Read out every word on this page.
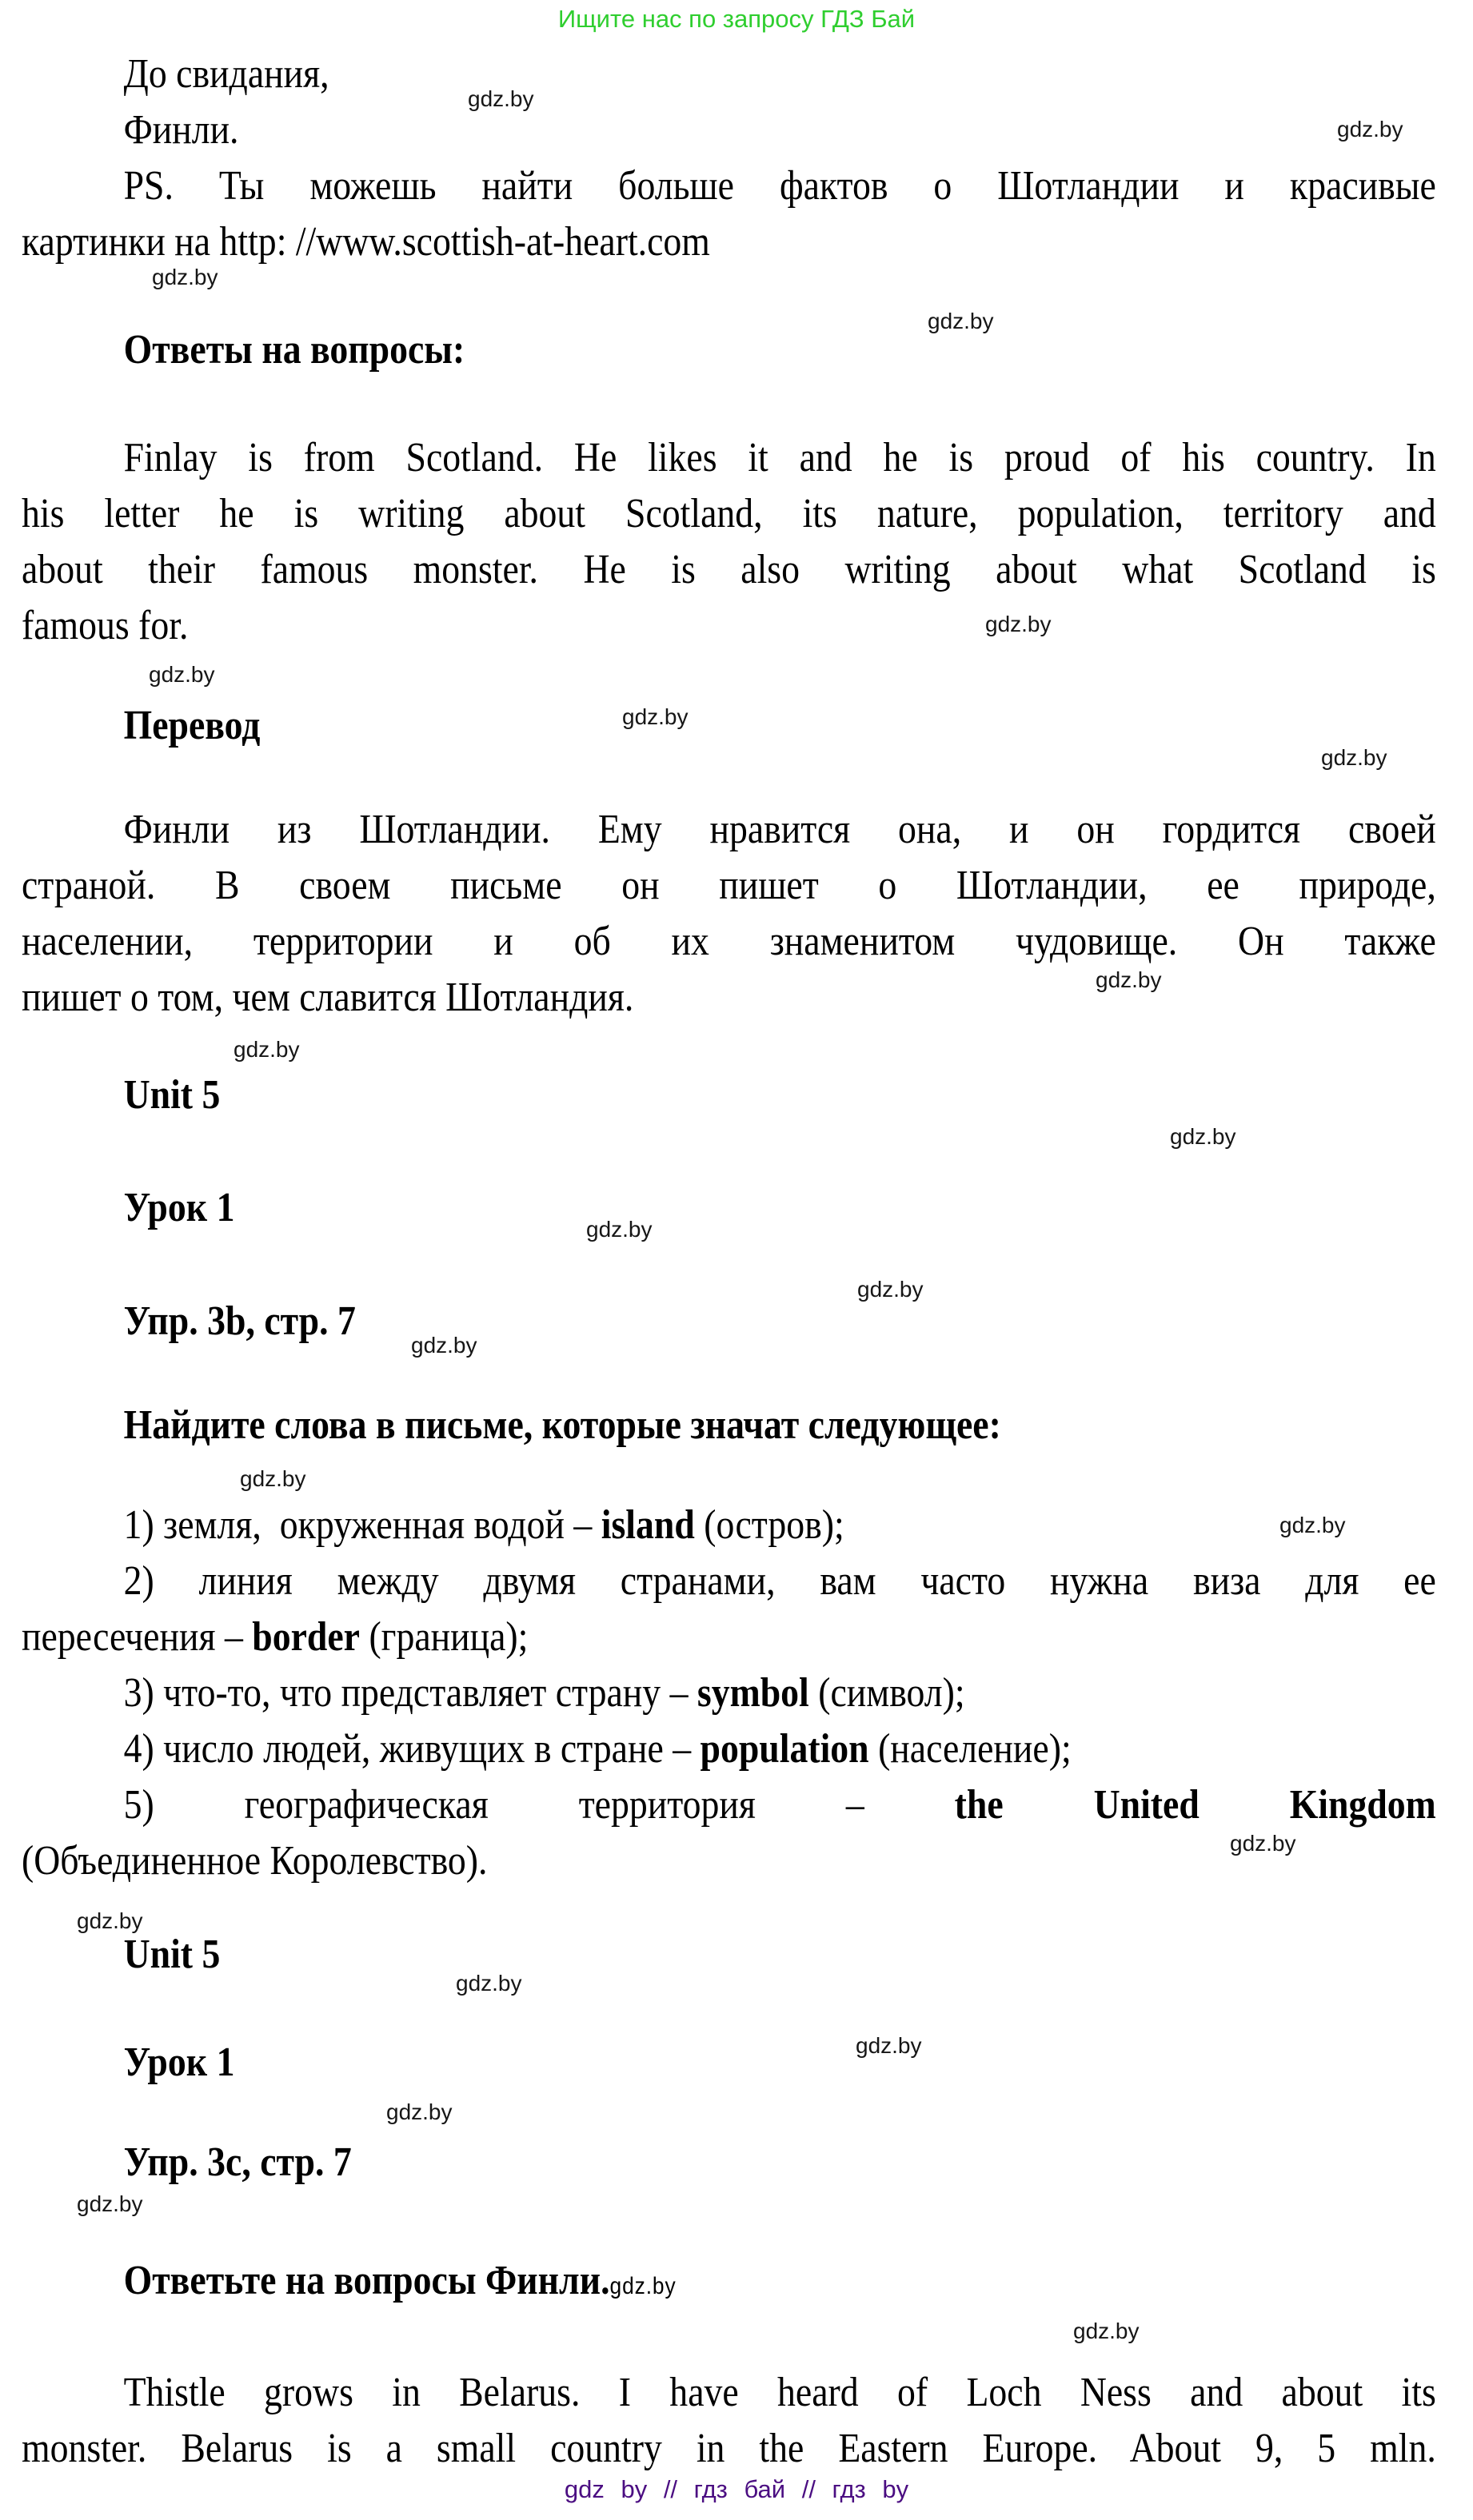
Ищите нас по запросу ГДЗ Бай
До свидания,
Финли.
PS. Ты можешь найти больше фактов о Шотландии и красивые
картинки на http: //www.scottish-at-heart.com
Ответы на вопросы:
Finlay is from Scotland. He likes it and he is proud of his country. In
his letter he is writing about Scotland, its nature, population, territory and
about their famous monster. He is also writing about what Scotland is
famous for.
Перевод
Финли из Шотландии. Ему нравится она, и он гордится своей
страной. В своем письме он пишет о Шотландии, ее природе,
населении, территории и об их знаменитом чудовище. Он также
пишет о том, чем славится Шотландия.
Unit 5
Урок 1
Упр. 3b, стр. 7
Найдите слова в письме, которые значат следующее:
1) земля,  окруженная водой – island (остров);
2) линия между двумя странами, вам часто нужна виза для ее
пересечения – border (граница);
3) что-то, что представляет страну – symbol (символ);
4) число людей, живущих в стране – population (население);
5) географическая территория – the United Kingdom
(Объединенное Королевство).
Unit 5
Урок 1
Упр. 3c, стр. 7
Ответьте на вопросы Финли.gdz.by
Thistle grows in Belarus. I have heard of Loch Ness and about its
monster. Belarus is a small country in the Eastern Europe. About 9, 5 mln.
gdz.by
gdz.by
gdz.by
gdz.by
gdz.by
gdz.by
gdz.by
gdz.by
gdz.by
gdz.by
gdz.by
gdz.by
gdz.by
gdz.by
gdz.by
gdz.by
gdz.by
gdz.by
gdz.by
gdz.by
gdz.by
gdz.by
gdz.by
gdz by // гдз бай // гдз by
